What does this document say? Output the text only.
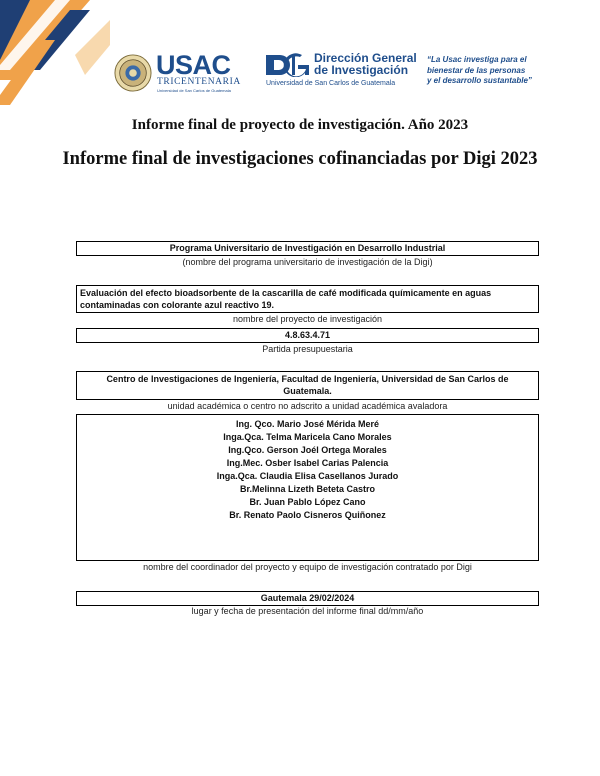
USAC
TRICENTENARIA
Universidad de San Carlos de Guatemala
Dirección General
de Investigación
Universidad de San Carlos de Guatemala
“La Usac investiga para el
bienestar de las personas
y el desarrollo sustantable”
Informe final de proyecto de investigación. Año 2023
Informe final de investigaciones cofinanciadas por Digi 2023
Programa Universitario de Investigación en Desarrollo Industrial
(nombre del programa universitario de investigación de la Digi)
Evaluación del efecto bioadsorbente de la cascarilla de café modificada químicamente en aguas contaminadas con colorante azul reactivo 19.
nombre del proyecto de investigación
4.8.63.4.71
Partida presupuestaria
Centro de Investigaciones de Ingeniería, Facultad de Ingeniería, Universidad de San Carlos de Guatemala.
unidad académica o centro no adscrito a unidad académica avaladora
Ing. Qco. Mario José Mérida Meré
Inga.Qca. Telma Maricela Cano Morales
Ing.Qco. Gerson Joél Ortega Morales
Ing.Mec. Osber Isabel Carias Palencia
Inga.Qca. Claudia Elisa Casellanos Jurado
Br.Melinna Lizeth Beteta Castro
Br. Juan Pablo López Cano
Br. Renato Paolo Cisneros Quiñonez
nombre del coordinador del proyecto y equipo de investigación contratado por Digi
Gautemala 29/02/2024
lugar y fecha de presentación del informe final dd/mm/año
